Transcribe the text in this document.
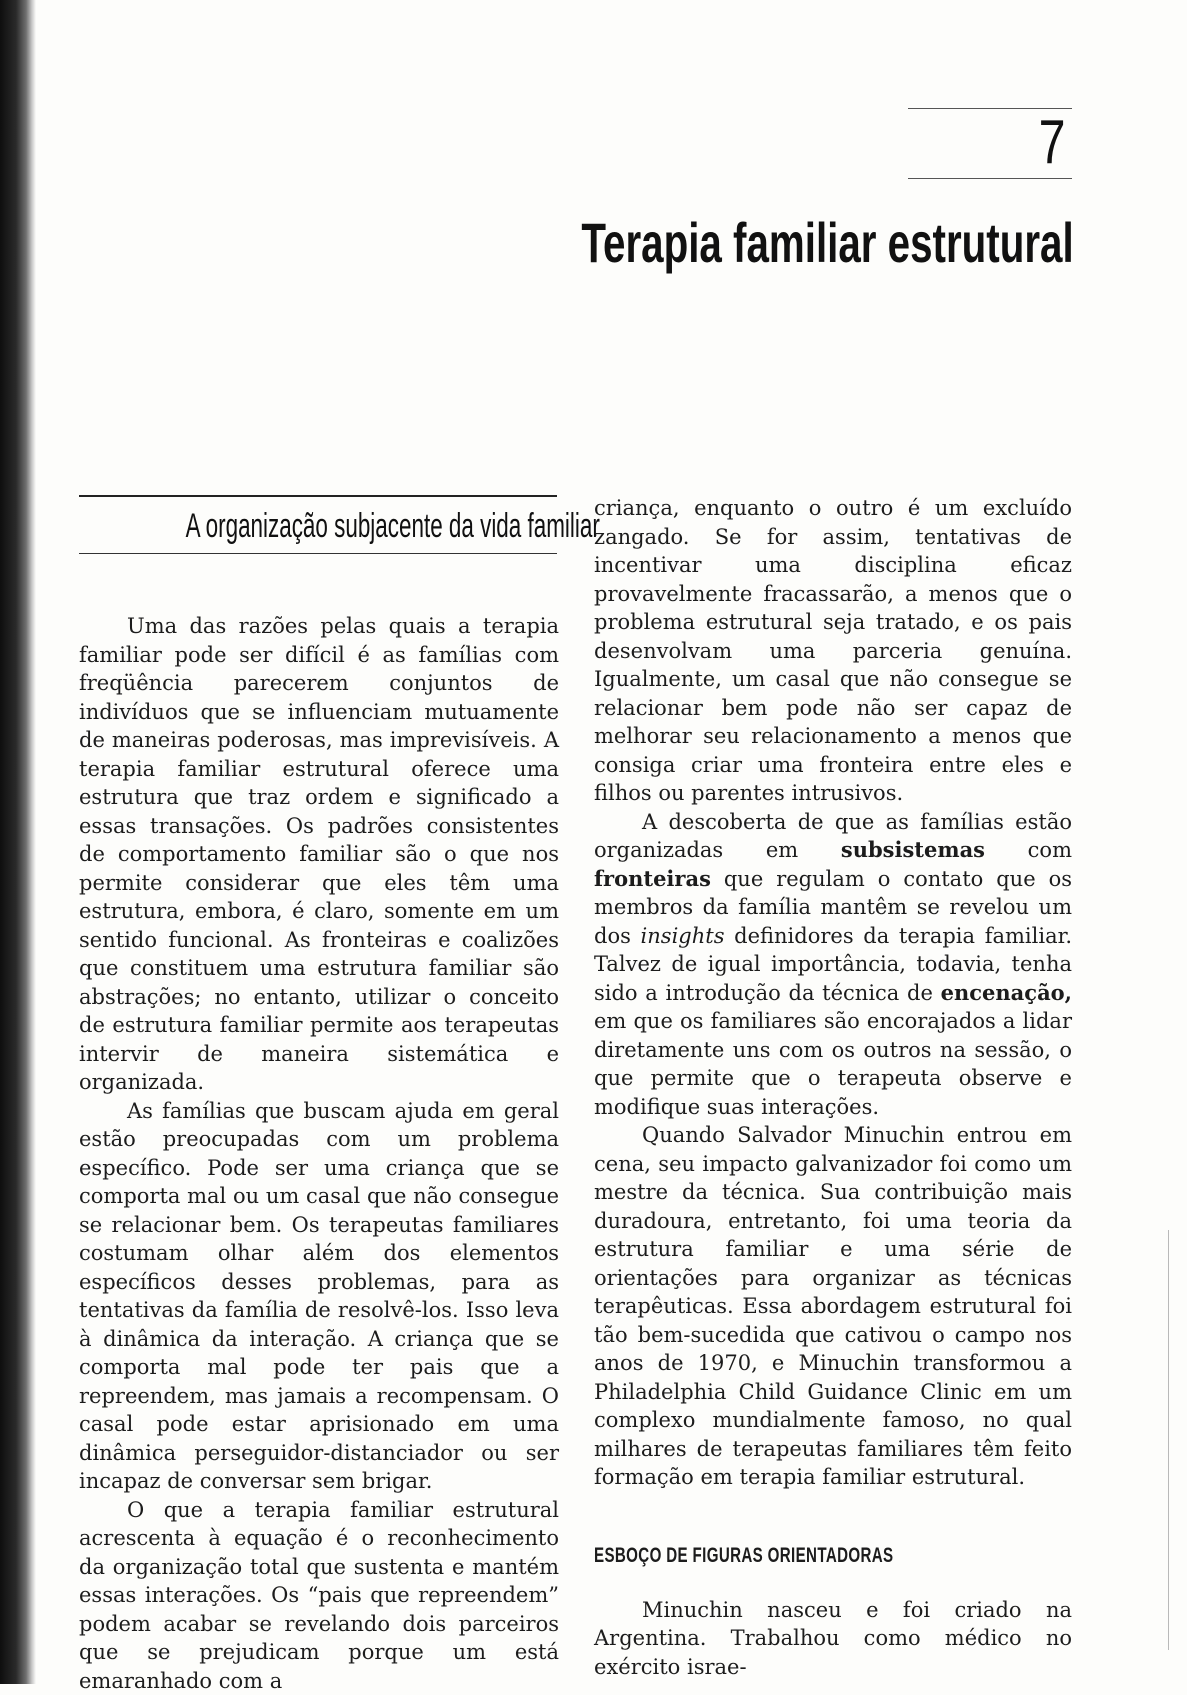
7
Terapia familiar estrutural
A organização subjacente da vida familiar

Uma das razões pelas quais a terapia familiar pode ser difícil é as famílias com freqüência parecerem conjuntos de indivíduos que se influenciam mutuamente de maneiras poderosas, mas imprevisíveis. A terapia familiar estrutural oferece uma estrutura que traz ordem e significado a essas transações. Os padrões consistentes de comportamento familiar são o que nos permite considerar que eles têm uma estrutura, embora, é claro, somente em um sentido funcional. As fronteiras e coalizões que constituem uma estrutura familiar são abstrações; no entanto, utilizar o conceito de estrutura familiar permite aos terapeutas intervir de maneira sistemática e organizada.

As famílias que buscam ajuda em geral estão preocupadas com um problema específico. Pode ser uma criança que se comporta mal ou um casal que não consegue se relacionar bem. Os terapeutas familiares costumam olhar além dos elementos específicos desses problemas, para as tentativas da família de resolvê-los. Isso leva à dinâmica da interação. A criança que se comporta mal pode ter pais que a repreendem, mas jamais a recompensam. O casal pode estar aprisionado em uma dinâmica perseguidor-distanciador ou ser incapaz de conversar sem brigar.

O que a terapia familiar estrutural acrescenta à equação é o reconhecimento da organização total que sustenta e mantém essas interações. Os “pais que repreendem” podem acabar se revelando dois parceiros que se prejudicam porque um está emaranhado com a

criança, enquanto o outro é um excluído zangado. Se for assim, tentativas de incentivar uma disciplina eficaz provavelmente fracassarão, a menos que o problema estrutural seja tratado, e os pais desenvolvam uma parceria genuína. Igualmente, um casal que não consegue se relacionar bem pode não ser capaz de melhorar seu relacionamento a menos que consiga criar uma fronteira entre eles e filhos ou parentes intrusivos.

A descoberta de que as famílias estão organizadas em subsistemas com fronteiras que regulam o contato que os membros da família mantêm se revelou um dos insights definidores da terapia familiar. Talvez de igual importância, todavia, tenha sido a introdução da técnica de encenação, em que os familiares são encorajados a lidar diretamente uns com os outros na sessão, o que permite que o terapeuta observe e modifique suas interações.

Quando Salvador Minuchin entrou em cena, seu impacto galvanizador foi como um mestre da técnica. Sua contribuição mais duradoura, entretanto, foi uma teoria da estrutura familiar e uma série de orientações para organizar as técnicas terapêuticas. Essa abordagem estrutural foi tão bem-sucedida que cativou o campo nos anos de 1970, e Minuchin transformou a Philadelphia Child Guidance Clinic em um complexo mundialmente famoso, no qual milhares de terapeutas familiares têm feito formação em terapia familiar estrutural.

ESBOÇO DE FIGURAS ORIENTADORAS

Minuchin nasceu e foi criado na Argentina. Trabalhou como médico no exército israe-
